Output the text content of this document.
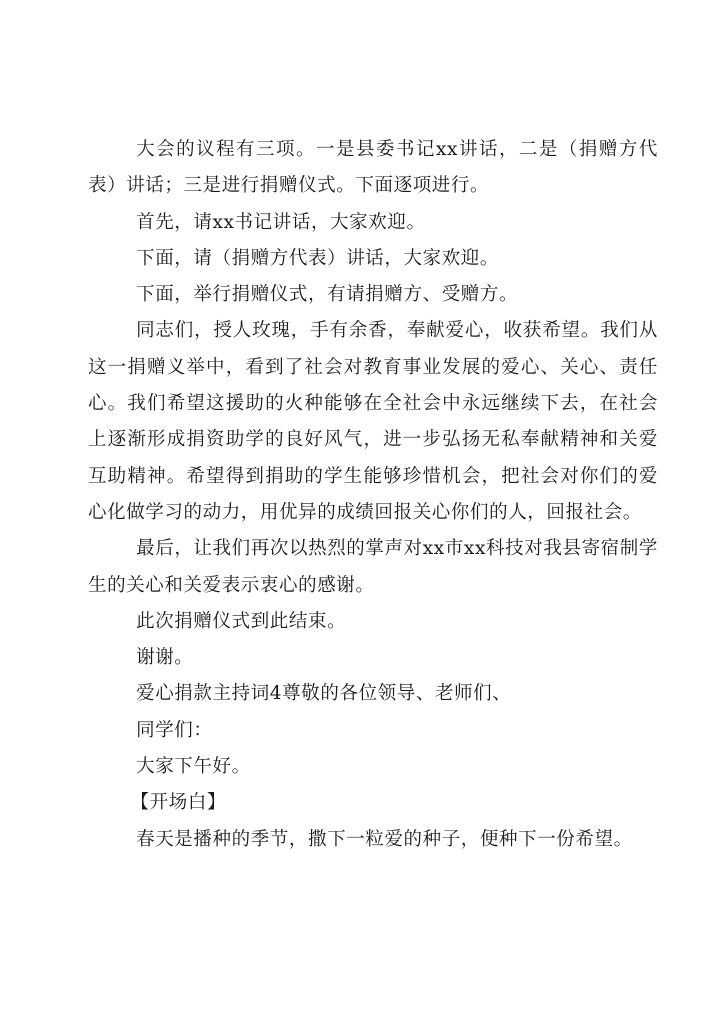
大会的议程有三项。一是县委书记xx讲话，二是（捐赠方代表）讲话；三是进行捐赠仪式。下面逐项进行。

首先，请xx书记讲话，大家欢迎。

下面，请（捐赠方代表）讲话，大家欢迎。

下面，举行捐赠仪式，有请捐赠方、受赠方。

同志们，授人玫瑰，手有余香，奉献爱心，收获希望。我们从这一捐赠义举中，看到了社会对教育事业发展的爱心、关心、责任心。我们希望这援助的火种能够在全社会中永远继续下去，在社会上逐渐形成捐资助学的良好风气，进一步弘扬无私奉献精神和关爱互助精神。希望得到捐助的学生能够珍惜机会，把社会对你们的爱心化做学习的动力，用优异的成绩回报关心你们的人，回报社会。

最后，让我们再次以热烈的掌声对xx市xx科技对我县寄宿制学生的关心和关爱表示衷心的感谢。

此次捐赠仪式到此结束。

谢谢。

爱心捐款主持词4尊敬的各位领导、老师们、

同学们：

大家下午好。

【开场白】

春天是播种的季节，撒下一粒爱的种子，便种下一份希望。
